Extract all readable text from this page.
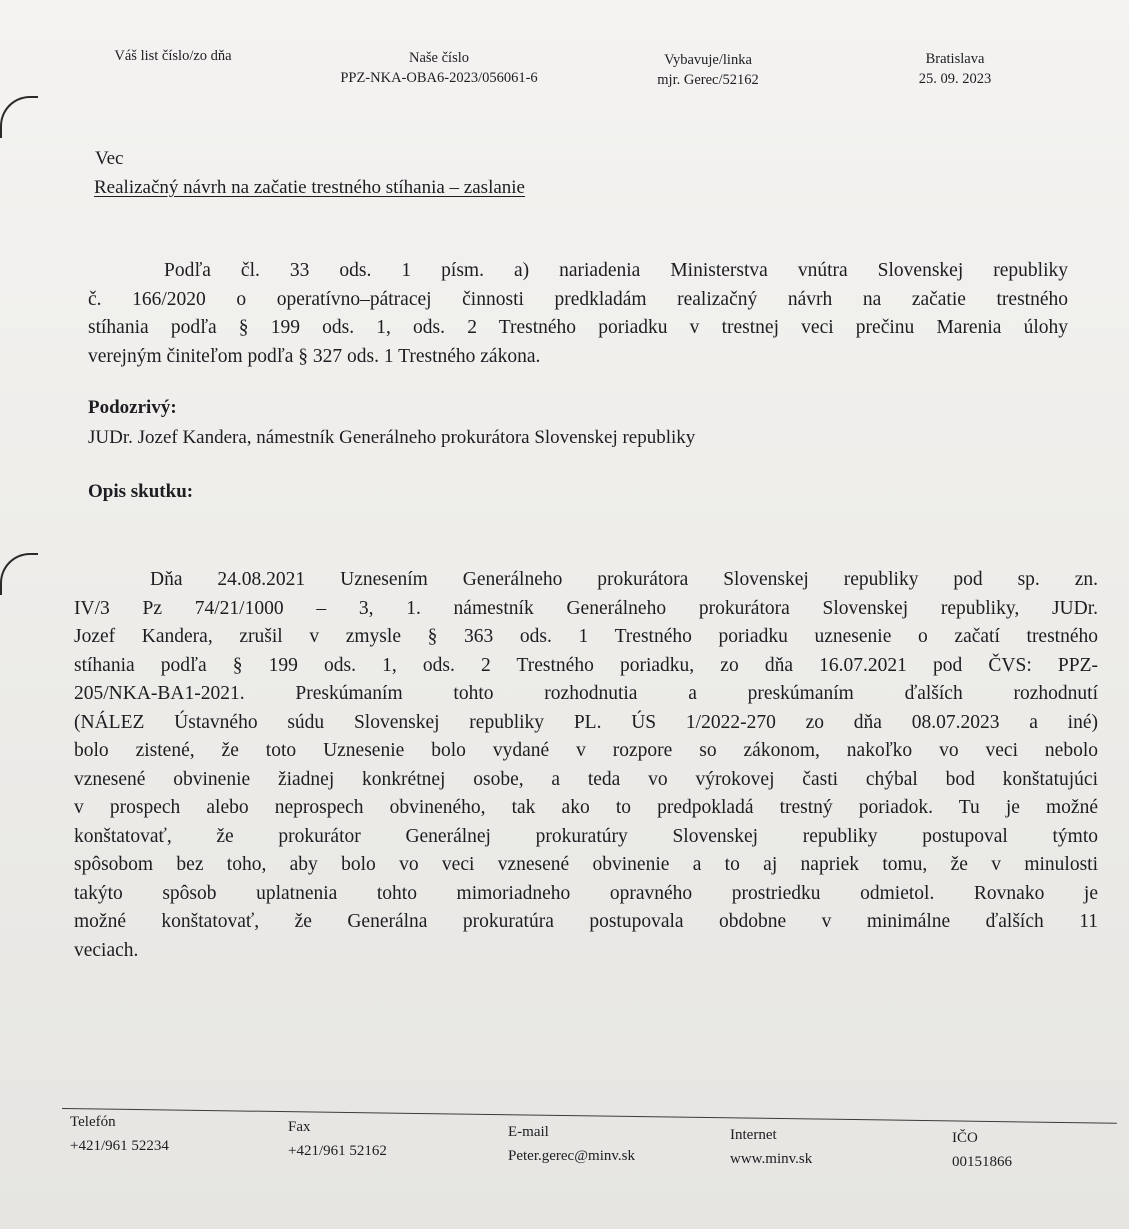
Váš list číslo/zo dňa	Naše číslo
PPZ-NKA-OBA6-2023/056061-6
Vybavuje/linka
mjr. Gerec/52162
Bratislava
25. 09. 2023
Vec
Realizačný návrh na začatie trestného stíhania – zaslanie
Podľa čl. 33 ods. 1 písm. a) nariadenia Ministerstva vnútra Slovenskej republiky
č. 166/2020 o operatívno–pátracej činnosti predkladám realizačný návrh na začatie trestného
stíhania podľa § 199 ods. 1, ods. 2 Trestného poriadku v trestnej veci prečinu Marenia úlohy
verejným činiteľom podľa § 327 ods. 1 Trestného zákona.
Podozrivý:
JUDr. Jozef Kandera, námestník Generálneho prokurátora Slovenskej republiky
Opis skutku:
Dňa 24.08.2021 Uznesením Generálneho prokurátora Slovenskej republiky pod sp. zn.
IV/3 Pz 74/21/1000 – 3, 1. námestník Generálneho prokurátora Slovenskej republiky, JUDr.
Jozef Kandera, zrušil v zmysle § 363 ods. 1 Trestného poriadku uznesenie o začatí trestného
stíhania podľa § 199 ods. 1, ods. 2 Trestného poriadku, zo dňa 16.07.2021 pod ČVS: PPZ-
205/NKA-BA1-2021. Preskúmaním tohto rozhodnutia a preskúmaním ďalších rozhodnutí
(NÁLEZ Ústavného súdu Slovenskej republiky PL. ÚS 1/2022-270 zo dňa 08.07.2023 a iné)
bolo zistené, že toto Uznesenie bolo vydané v rozpore so zákonom, nakoľko vo veci nebolo
vznesené obvinenie žiadnej konkrétnej osobe, a teda vo výrokovej časti chýbal bod konštatujúci
v prospech alebo neprospech obvineného, tak ako to predpokladá trestný poriadok. Tu je možné
konštatovať, že prokurátor Generálnej prokuratúry Slovenskej republiky postupoval týmto
spôsobom bez toho, aby bolo vo veci vznesené obvinenie a to aj napriek tomu, že v minulosti
takýto spôsob uplatnenia tohto mimoriadneho opravného prostriedku odmietol. Rovnako je
možné konštatovať, že Generálna prokuratúra postupovala obdobne v minimálne ďalších 11
veciach.
Telefón
+421/961 52234
Fax
+421/961 52162
E-mail
Peter.gerec@minv.sk
Internet
www.minv.sk
IČO
00151866
